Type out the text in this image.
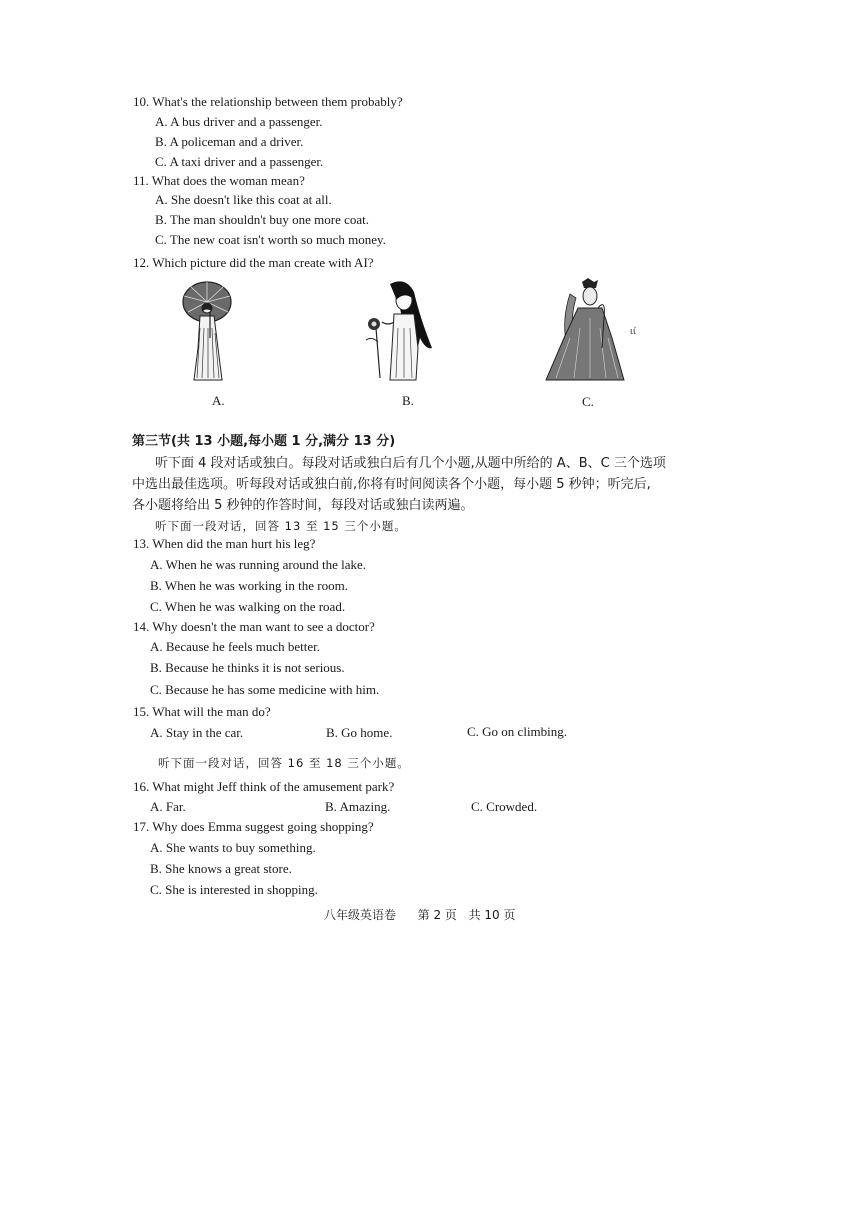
10. What's the relationship between them probably?
A. A bus driver and a passenger.
B. A policeman and a driver.
C. A taxi driver and a passenger.
11. What does the woman mean?
A. She doesn't like this coat at all.
B. The man shouldn't buy one more coat.
C. The new coat isn't worth so much money.
12. Which picture did the man create with AI?
ιί
A.	B.	C.
第三节(共 13 小题,每小题 1 分,满分 13 分)
听下面 4 段对话或独白。每段对话或独白后有几个小题,从题中所给的 A、B、C 三个选项
中选出最佳选项。听每段对话或独白前,你将有时间阅读各个小题，每小题 5 秒钟；听完后,
各小题将给出 5 秒钟的作答时间，每段对话或独白读两遍。
听下面一段对话，回答 13 至 15 三个小题。
13. When did the man hurt his leg?
A. When he was running around the lake.
B. When he was working in the room.
C. When he was walking on the road.
14. Why doesn't the man want to see a doctor?
A. Because he feels much better.
B. Because he thinks it is not serious.
C. Because he has some medicine with him.
15. What will the man do?
A. Stay in the car.	B. Go home.	C. Go on climbing.
听下面一段对话，回答 16 至 18 三个小题。
16. What might Jeff think of the amusement park?
A. Far.	B. Amazing.	C. Crowded.
17. Why does Emma suggest going shopping?
A. She wants to buy something.
B. She knows a great store.
C. She is interested in shopping.
八年级英语卷 第 2 页 共 10 页
